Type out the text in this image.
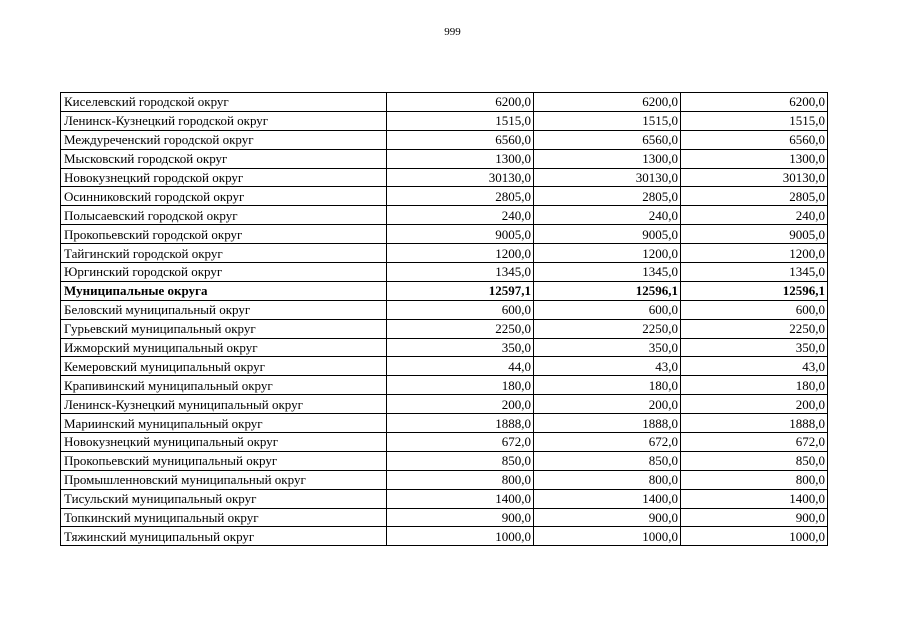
999
Киселевский городской округ	6200,0	6200,0	6200,0
Ленинск-Кузнецкий городской округ	1515,0	1515,0	1515,0
Междуреченский городской округ	6560,0	6560,0	6560,0
Мысковский городской округ	1300,0	1300,0	1300,0
Новокузнецкий городской округ	30130,0	30130,0	30130,0
Осинниковский городской округ	2805,0	2805,0	2805,0
Полысаевский городской округ	240,0	240,0	240,0
Прокопьевский городской округ	9005,0	9005,0	9005,0
Тайгинский городской округ	1200,0	1200,0	1200,0
Юргинский городской округ	1345,0	1345,0	1345,0
Муниципальные округа	12597,1	12596,1	12596,1
Беловский муниципальный округ	600,0	600,0	600,0
Гурьевский муниципальный округ	2250,0	2250,0	2250,0
Ижморский муниципальный округ	350,0	350,0	350,0
Кемеровский муниципальный округ	44,0	43,0	43,0
Крапивинский муниципальный округ	180,0	180,0	180,0
Ленинск-Кузнецкий муниципальный округ	200,0	200,0	200,0
Мариинский муниципальный округ	1888,0	1888,0	1888,0
Новокузнецкий муниципальный округ	672,0	672,0	672,0
Прокопьевский муниципальный округ	850,0	850,0	850,0
Промышленновский муниципальный округ	800,0	800,0	800,0
Тисульский муниципальный округ	1400,0	1400,0	1400,0
Топкинский муниципальный округ	900,0	900,0	900,0
Тяжинский муниципальный округ	1000,0	1000,0	1000,0
